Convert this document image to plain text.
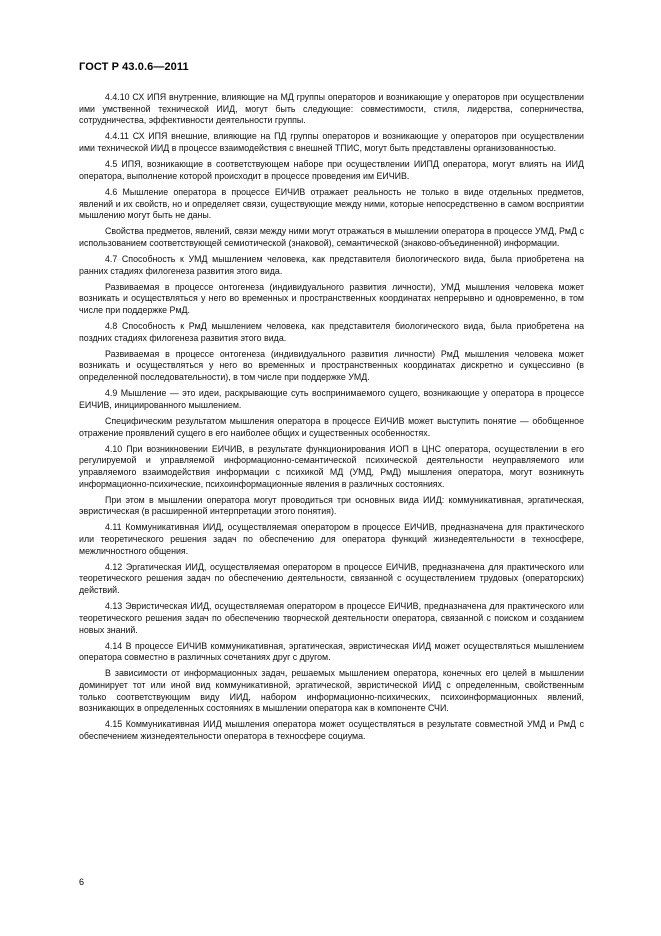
ГОСТ Р 43.0.6—2011

4.4.10 СХ ИПЯ внутренние, влияющие на МД группы операторов и возникающие у операторов при осуществлении ими умственной технической ИИД, могут быть следующие: совместимости, стиля, лидерства, соперничества, сотрудничества, эффективности деятельности группы.

4.4.11 СХ ИПЯ внешние, влияющие на ПД группы операторов и возникающие у операторов при осуществлении ими технической ИИД в процессе взаимодействия с внешней ТПИС, могут быть представлены организованностью.

4.5 ИПЯ, возникающие в соответствующем наборе при осуществлении ИИПД оператора, могут влиять на ИИД оператора, выполнение которой происходит в процессе проведения им ЕИЧИВ.

4.6 Мышление оператора в процессе ЕИЧИВ отражает реальность не только в виде отдельных предметов, явлений и их свойств, но и определяет связи, существующие между ними, которые непосредственно в самом восприятии мышлению могут быть не даны.

Свойства предметов, явлений, связи между ними могут отражаться в мышлении оператора в процессе УМД, РмД с использованием соответствующей семиотической (знаковой), семантической (знаково-объединенной) информации.

4.7 Способность к УМД мышлением человека, как представителя биологического вида, была приобретена на ранних стадиях филогенеза развития этого вида.

Развиваемая в процессе онтогенеза (индивидуального развития личности), УМД мышления человека может возникать и осуществляться у него во временных и пространственных координатах непрерывно и одновременно, в том числе при поддержке РмД.

4.8 Способность к РмД мышлением человека, как представителя биологического вида, была приобретена на поздних стадиях филогенеза развития этого вида.

Развиваемая в процессе онтогенеза (индивидуального развития личности) РмД мышления человека может возникать и осуществляться у него во временных и пространственных координатах дискретно и сукцессивно (в определенной последовательности), в том числе при поддержке УМД.

4.9 Мышление — это идеи, раскрывающие суть воспринимаемого сущего, возникающие у оператора в процессе ЕИЧИВ, инициированного мышлением.

Специфическим результатом мышления оператора в процессе ЕИЧИВ может выступить понятие — обобщенное отражение проявлений сущего в его наиболее общих и существенных особенностях.

4.10 При возникновении ЕИЧИВ, в результате функционирования ИОП в ЦНС оператора, осуществлении в его регулируемой и управляемой информационно-семантической психической деятельности неуправляемого или управляемого взаимодействия информации с психикой МД (УМД, РмД) мышления оператора, могут возникнуть информационно-психические, психоинформационные явления в различных состояниях.

При этом в мышлении оператора могут проводиться три основных вида ИИД: коммуникативная, эргатическая, эвристическая (в расширенной интерпретации этого понятия).

4.11 Коммуникативная ИИД, осуществляемая оператором в процессе ЕИЧИВ, предназначена для практического или теоретического решения задач по обеспечению для оператора функций жизнедеятельности в техносфере, межличностного общения.

4.12 Эргатическая ИИД, осуществляемая оператором в процессе ЕИЧИВ, предназначена для практического или теоретического решения задач по обеспечению деятельности, связанной с осуществлением трудовых (операторских) действий.

4.13 Эвристическая ИИД, осуществляемая оператором в процессе ЕИЧИВ, предназначена для практического или теоретического решения задач по обеспечению творческой деятельности оператора, связанной с поиском и созданием новых знаний.

4.14 В процессе ЕИЧИВ коммуникативная, эргатическая, эвристическая ИИД может осуществляться мышлением оператора совместно в различных сочетаниях друг с другом.

В зависимости от информационных задач, решаемых мышлением оператора, конечных его целей в мышлении доминирует тот или иной вид коммуникативной, эргатической, эвристической ИИД с определенным, свойственным только соответствующим виду ИИД, набором информационно-психических, психоинформационных явлений, возникающих в определенных состояниях в мышлении оператора как в компоненте СЧИ.

4.15 Коммуникативная ИИД мышления оператора может осуществляться в результате совместной УМД и РмД с обеспечением жизнедеятельности оператора в техносфере социума.

6
